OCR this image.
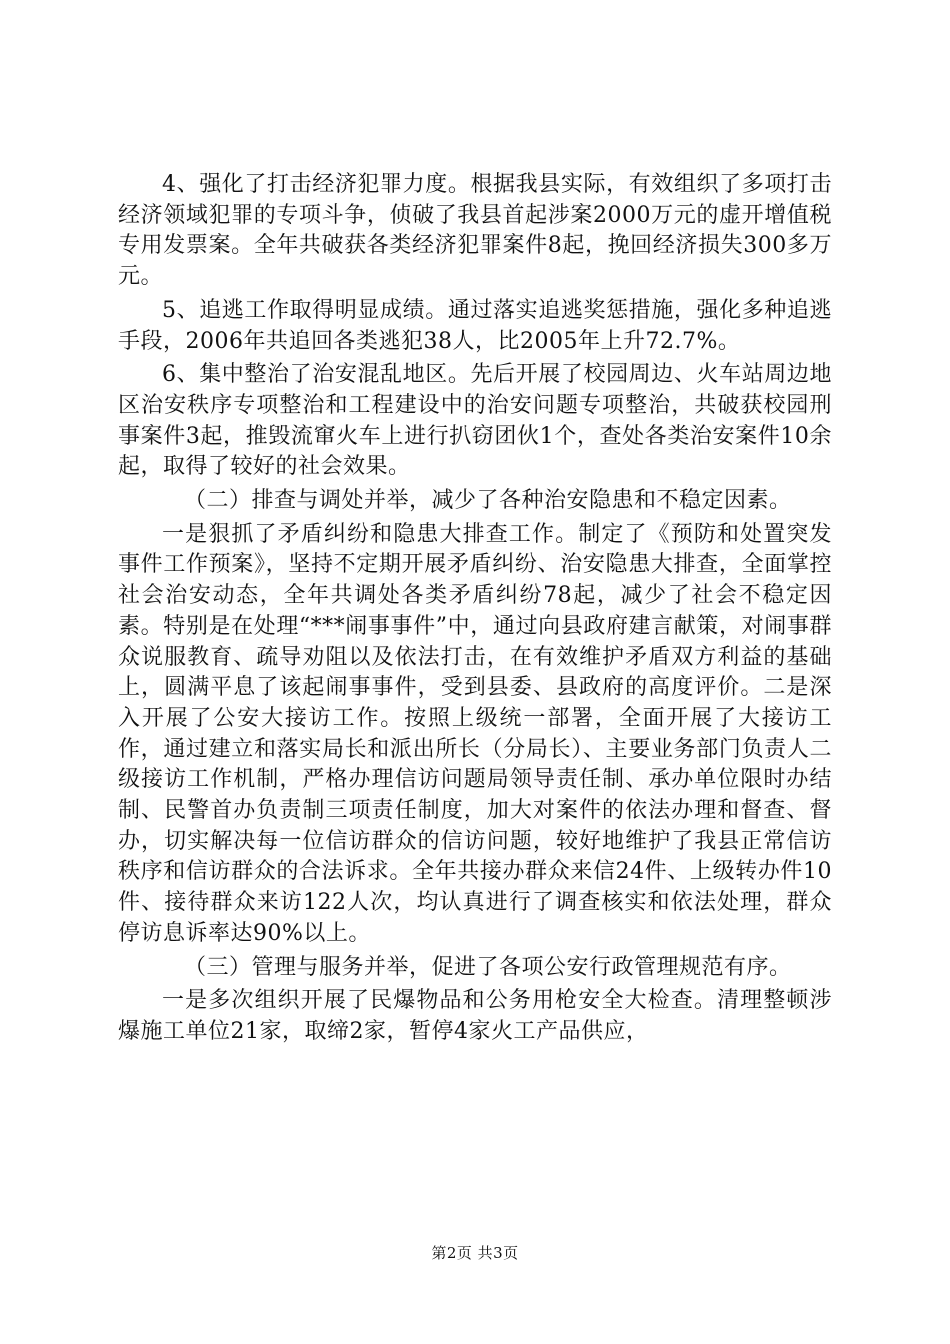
4、强化了打击经济犯罪力度。根据我县实际，有效组织了多项打击经济领域犯罪的专项斗争，侦破了我县首起涉案2000万元的虚开增值税专用发票案。全年共破获各类经济犯罪案件8起，挽回经济损失300多万元。

5、追逃工作取得明显成绩。通过落实追逃奖惩措施，强化多种追逃手段，2006年共追回各类逃犯38人，比2005年上升72.7%。

6、集中整治了治安混乱地区。先后开展了校园周边、火车站周边地区治安秩序专项整治和工程建设中的治安问题专项整治，共破获校园刑事案件3起，推毁流窜火车上进行扒窃团伙1个，查处各类治安案件10余起，取得了较好的社会效果。

（二）排查与调处并举，减少了各种治安隐患和不稳定因素。

一是狠抓了矛盾纠纷和隐患大排查工作。制定了《预防和处置突发事件工作预案》，坚持不定期开展矛盾纠纷、治安隐患大排查，全面掌控社会治安动态，全年共调处各类矛盾纠纷78起，减少了社会不稳定因素。特别是在处理“***闹事事件”中，通过向县政府建言献策，对闹事群众说服教育、疏导劝阻以及依法打击，在有效维护矛盾双方利益的基础上，圆满平息了该起闹事事件，受到县委、县政府的高度评价。二是深入开展了公安大接访工作。按照上级统一部署，全面开展了大接访工作，通过建立和落实局长和派出所长（分局长）、主要业务部门负责人二级接访工作机制，严格办理信访问题局领导责任制、承办单位限时办结制、民警首办负责制三项责任制度，加大对案件的依法办理和督查、督办，切实解决每一位信访群众的信访问题，较好地维护了我县正常信访秩序和信访群众的合法诉求。全年共接办群众来信24件、上级转办件10件、接待群众来访122人次，均认真进行了调查核实和依法处理，群众停访息诉率达90%以上。

（三）管理与服务并举，促进了各项公安行政管理规范有序。

一是多次组织开展了民爆物品和公务用枪安全大检查。清理整顿涉爆施工单位21家，取缔2家，暂停4家火工产品供应，

第2页 共3页
